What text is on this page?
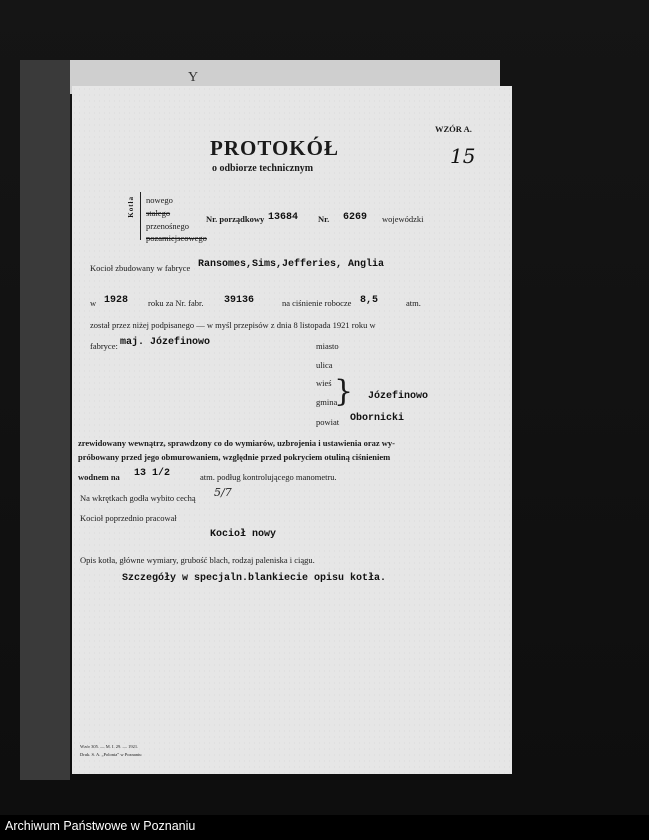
Y
WZÓR A.
15
PROTOKÓŁ
o odbiorze technicznym
Kotła nowego
stałego
przenośnego
pozamiejscowego
Nr. porządkowy 13684 Nr. 6269 wojewódzki
Kocioł zbudowany w fabryce Ransomes,Sims,Jefferies, Anglia
w 1928 roku za Nr. fabr. 39136	na ciśnienie robocze 8,5	atm.
został przez niżej podpisanego — w myśl przepisów z dnia 8 listopada 1921 roku w
fabryce: maj. Józefinowo	miasto
ulica
wieś } Józefinowo
gmina
powiat Obornicki
zrewidowany wewnątrz, sprawdzony co do wymiarów, uzbrojenia i ustawienia oraz wy-
próbowany przed jego obmurowaniem, względnie przed pokryciem otuliną ciśnieniem
wodnem na 13 1/2	atm. podług kontrolującego manometru.
Na wkrętkach godła wybito cechą 5/7
Kocioł poprzednio pracował
Kocioł nowy
Opis kotła, główne wymiary, grubość blach, rodzaj paleniska i ciągu.
Szczegóły w specjaln.blankiecie opisu kotła.
Wzór 305. — M. I. 29. — 1921.
Druk. S. A. „Polonia” w Poznaniu
Archiwum Państwowe w Poznaniu
